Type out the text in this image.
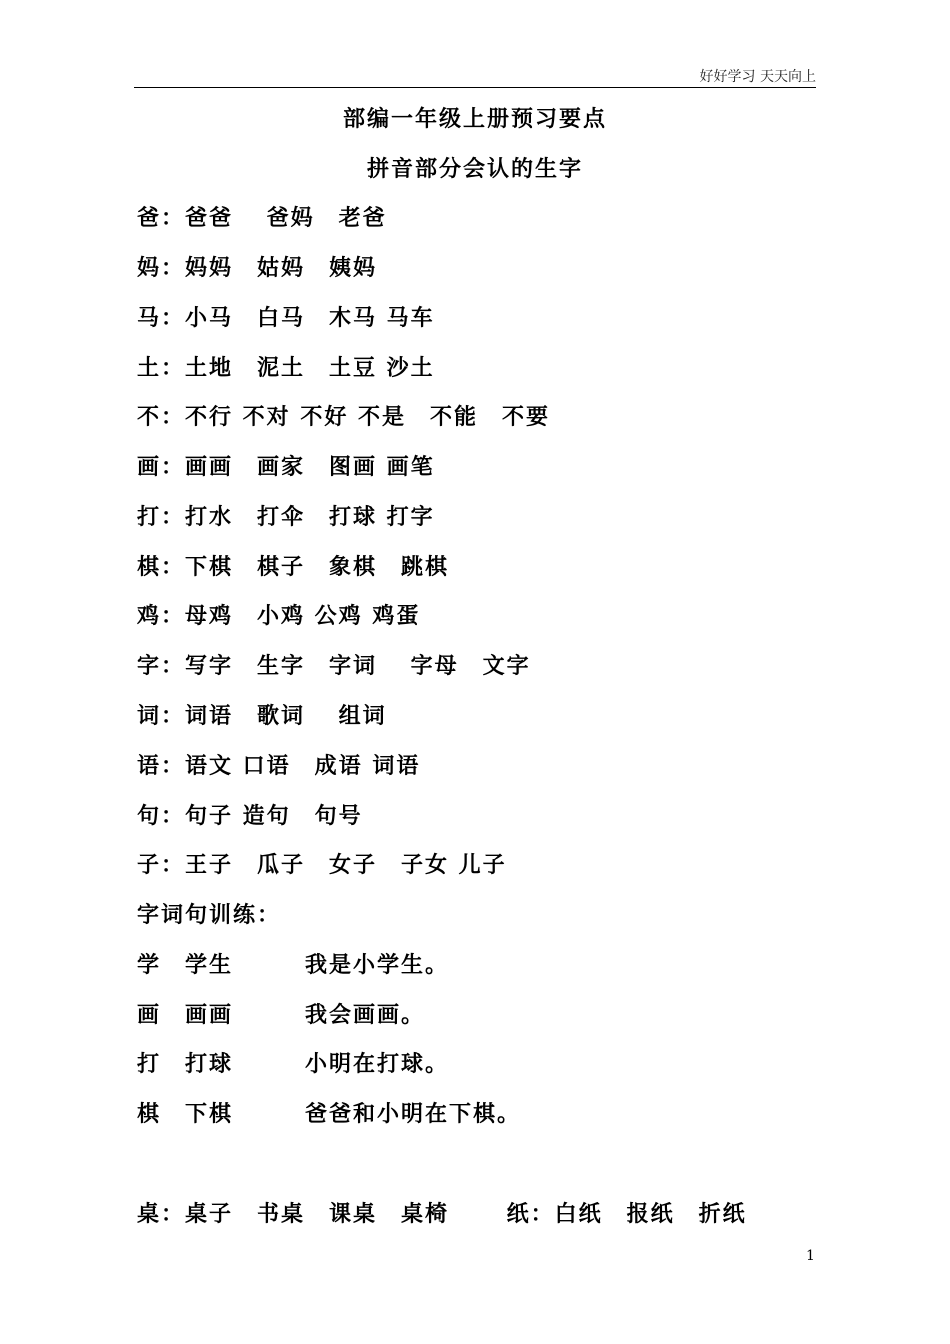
好好学习 天天向上
部编一年级上册预习要点
拼音部分会认的生字
爸：爸爸　 爸妈　老爸
妈：妈妈　姑妈　姨妈
马：小马　白马　木马 马车
土：土地　泥土　土豆 沙土
不：不行 不对 不好 不是　不能　不要
画：画画　画家　图画 画笔
打：打水　打伞　打球 打字
棋：下棋　棋子　象棋　跳棋
鸡：母鸡　小鸡 公鸡 鸡蛋
字：写字　生字　字词　 字母　文字
词：词语　歌词　 组词
语：语文 口语　成语 词语
句：句子 造句　句号
子：王子　瓜子　女子　子女 儿子
字词句训练：
学　学生　　　我是小学生。
画　画画　　　我会画画。
打　打球　　　小明在打球。
棋　下棋　　　爸爸和小明在下棋。
桌：桌子　书桌　课桌　桌椅　　 纸：白纸　报纸　折纸
1
